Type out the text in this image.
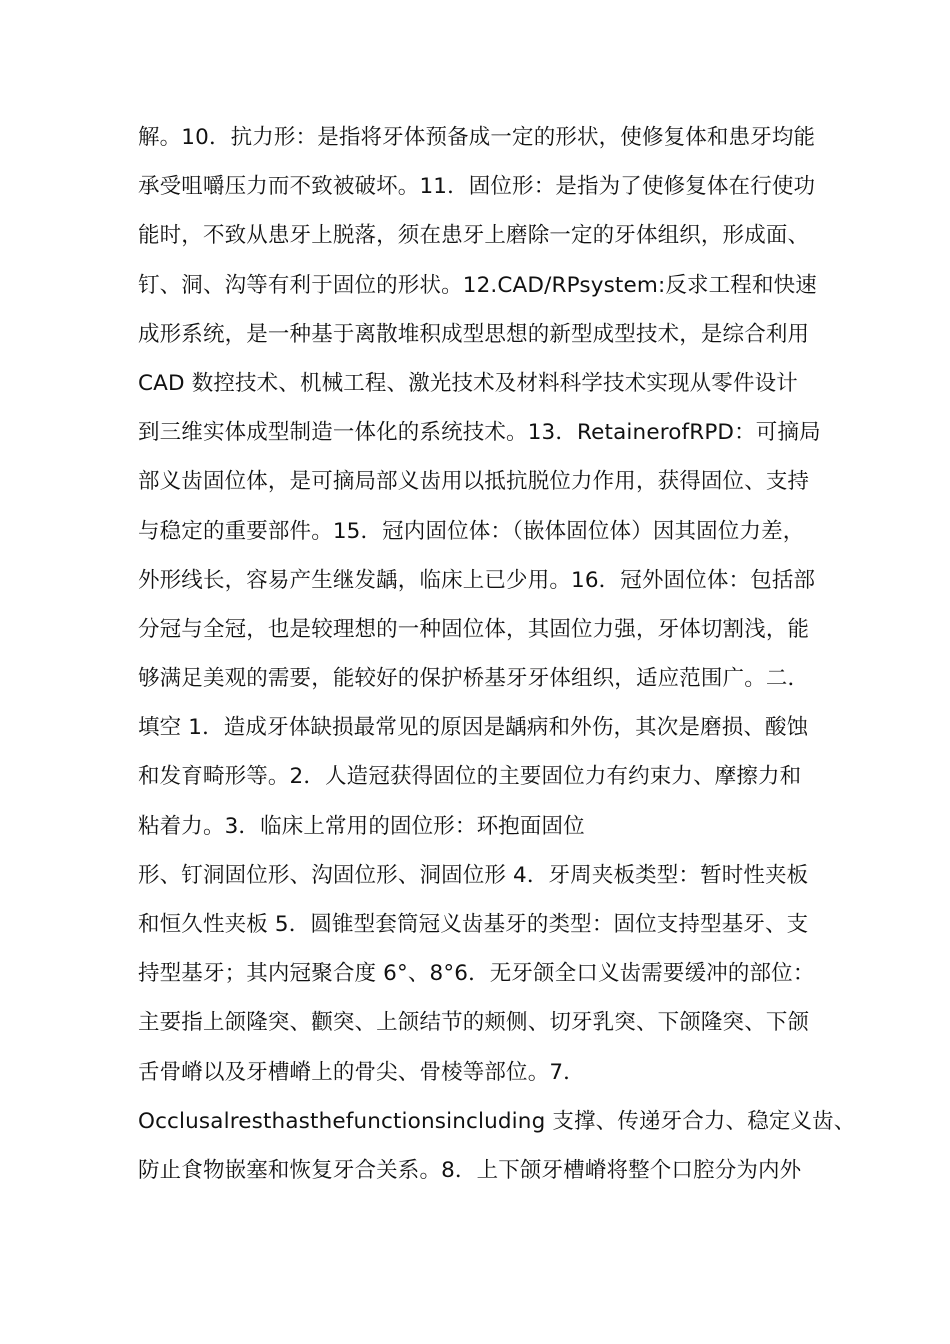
解。10．抗力形：是指将牙体预备成一定的形状，使修复体和患牙均能
承受咀嚼压力而不致被破坏。11．固位形：是指为了使修复体在行使功
能时，不致从患牙上脱落，须在患牙上磨除一定的牙体组织，形成面、
钉、洞、沟等有利于固位的形状。12.CAD/RPsystem:反求工程和快速
成形系统，是一种基于离散堆积成型思想的新型成型技术，是综合利用
CAD 数控技术、机械工程、激光技术及材料科学技术实现从零件设计
到三维实体成型制造一体化的系统技术。13．RetainerofRPD：可摘局
部义齿固位体，是可摘局部义齿用以抵抗脱位力作用，获得固位、支持
与稳定的重要部件。15．冠内固位体：（嵌体固位体）因其固位力差，
外形线长，容易产生继发龋，临床上已少用。16．冠外固位体：包括部
分冠与全冠，也是较理想的一种固位体，其固位力强，牙体切割浅，能
够满足美观的需要，能较好的保护桥基牙牙体组织，适应范围广。二．
填空 1．造成牙体缺损最常见的原因是龋病和外伤，其次是磨损、酸蚀
和发育畸形等。2．人造冠获得固位的主要固位力有约束力、摩擦力和
粘着力。3．临床上常用的固位形：环抱面固位
形、钉洞固位形、沟固位形、洞固位形 4．牙周夹板类型：暂时性夹板
和恒久性夹板 5．圆锥型套筒冠义齿基牙的类型：固位支持型基牙、支
持型基牙；其内冠聚合度 6°、8°6．无牙颌全口义齿需要缓冲的部位：
主要指上颌隆突、颧突、上颌结节的颊侧、切牙乳突、下颌隆突、下颌
舌骨嵴以及牙槽嵴上的骨尖、骨棱等部位。7．
Occlusalresthasthefunctionsincluding 支撑、传递牙合力、稳定义齿、
防止食物嵌塞和恢复牙合关系。8．上下颌牙槽嵴将整个口腔分为内外
